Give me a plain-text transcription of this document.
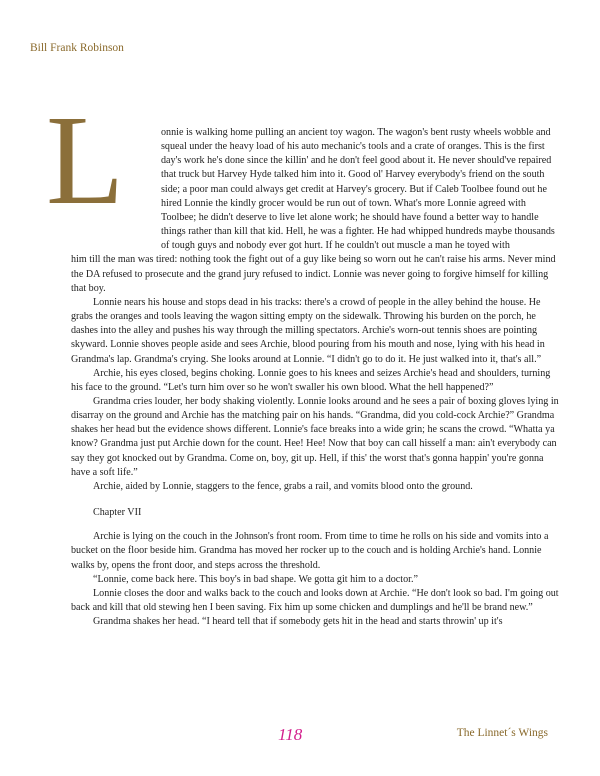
Bill Frank Robinson
L	onnie is walking home pulling an ancient toy wagon. The wagon's bent rusty wheels wobble and squeal under the heavy load of his auto mechanic's tools and a crate of oranges. This is the first day's work he's done since the killin' and he don't feel good about it. He never should've repaired that truck but Harvey Hyde talked him into it. Good ol' Harvey everybody's friend on the south side; a poor man could always get credit at Harvey's grocery. But if Caleb Toolbee found out he hired Lonnie the kindly grocer would be run out of town. What's more Lonnie agreed with Toolbee; he didn't deserve to live let alone work; he should have found a better way to handle things rather than kill that kid. Hell, he was a fighter. He had whipped hundreds maybe thousands of tough guys and nobody ever got hurt. If he couldn't out muscle a man he toyed with

him till the man was tired: nothing took the fight out of a guy like being so worn out he can't raise his arms. Never mind the DA refused to prosecute and the grand jury refused to indict. Lonnie was never going to forgive himself for killing that boy.

Lonnie nears his house and stops dead in his tracks: there's a crowd of people in the alley behind the house. He grabs the oranges and tools leaving the wagon sitting empty on the sidewalk. Throwing his burden on the porch, he dashes into the alley and pushes his way through the milling spectators. Archie's worn-out tennis shoes are pointing skyward. Lonnie shoves people aside and sees Archie, blood pouring from his mouth and nose, lying with his head in Grandma's lap. Grandma's crying. She looks around at Lonnie. “I didn't go to do it. He just walked into it, that's all.”

Archie, his eyes closed, begins choking. Lonnie goes to his knees and seizes Archie's head and shoulders, turning his face to the ground. “Let's turn him over so he won't swaller his own blood. What the hell happened?”

Grandma cries louder, her body shaking violently. Lonnie looks around and he sees a pair of boxing gloves lying in disarray on the ground and Archie has the matching pair on his hands. “Grandma, did you cold-cock Archie?” Grandma shakes her head but the evidence shows different. Lonnie's face breaks into a wide grin; he scans the crowd. “Whatta ya know? Grandma just put Archie down for the count. Hee! Hee! Now that boy can call hisself a man: ain't everybody can say they got knocked out by Grandma. Come on, boy, git up. Hell, if this' the worst that's gonna happin' you're gonna have a soft life.”

Archie, aided by Lonnie, staggers to the fence, grabs a rail, and vomits blood onto the ground.

Chapter VII

Archie is lying on the couch in the Johnson's front room. From time to time he rolls on his side and vomits into a bucket on the floor beside him. Grandma has moved her rocker up to the couch and is holding Archie's hand. Lonnie walks by, opens the front door, and steps across the threshold.

“Lonnie, come back here. This boy's in bad shape. We gotta git him to a doctor.”

Lonnie closes the door and walks back to the couch and looks down at Archie. “He don't look so bad. I'm going out back and kill that old stewing hen I been saving. Fix him up some chicken and dumplings and he'll be brand new.”

Grandma shakes her head. “I heard tell that if somebody gets hit in the head and starts throwin' up it's

118	The Linnet´s Wings
